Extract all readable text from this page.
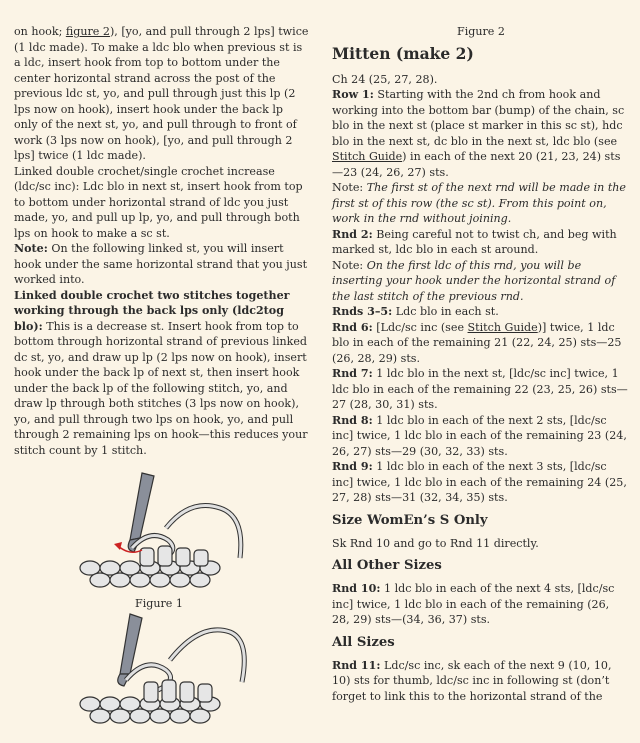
on hook; figure 2), [yo, and pull through 2 lps] twice (1 ldc made). To make a ldc blo when previous st is a ldc, insert hook from top to bottom under the center horizontal strand across the post of the previous ldc st, yo, and pull through just this lp (2 lps now on hook), insert hook under the back lp only of the next st, yo, and pull through to front of work (3 lps now on hook), [yo, and pull through 2 lps] twice (1 ldc made).

Linked double crochet/single crochet increase (ldc/sc inc): Ldc blo in next st, insert hook from top to bottom under horizontal strand of ldc you just made, yo, and pull up lp, yo, and pull through both lps on hook to make a sc st.

Note: On the following linked st, you will insert hook under the same horizontal strand that you just worked into.

Linked double crochet two stitches together working through the back lps only (ldc2tog blo): This is a decrease st. Insert hook from top to bottom through horizontal strand of previous linked dc st, yo, and draw up lp (2 lps now on hook), insert hook under the back lp of next st, then insert hook under the back lp of the following stitch, yo, and draw lp through both stitches (3 lps now on hook), yo, and pull through two lps on hook, yo, and pull through 2 remaining lps on hook—this reduces your stitch count by 1 stitch.

Figure 1

Figure 2

Mitten (make 2)

Ch 24 (25, 27, 28).

Row 1: Starting with the 2nd ch from hook and working into the bottom bar (bump) of the chain, sc blo in the next st (place st marker in this sc st), hdc blo in the next st, dc blo in the next st, ldc blo (see Stitch Guide) in each of the next 20 (21, 23, 24) sts—23 (24, 26, 27) sts.

Note: The first st of the next rnd will be made in the first st of this row (the sc st). From this point on, work in the rnd without joining.

Rnd 2: Being careful not to twist ch, and beg with marked st, ldc blo in each st around.

Note: On the first ldc of this rnd, you will be inserting your hook under the horizontal strand of the last stitch of the previous rnd.

Rnds 3–5: Ldc blo in each st.

Rnd 6: [Ldc/sc inc (see Stitch Guide)] twice, 1 ldc blo in each of the remaining 21 (22, 24, 25) sts—25 (26, 28, 29) sts.

Rnd 7: 1 ldc blo in the next st, [ldc/sc inc] twice, 1 ldc blo in each of the remaining 22 (23, 25, 26) sts—27 (28, 30, 31) sts.

Rnd 8: 1 ldc blo in each of the next 2 sts, [ldc/sc inc] twice, 1 ldc blo in each of the remaining 23 (24, 26, 27) sts—29 (30, 32, 33) sts.

Rnd 9: 1 ldc blo in each of the next 3 sts, [ldc/sc inc] twice, 1 ldc blo in each of the remaining 24 (25, 27, 28) sts—31 (32, 34, 35) sts.

Size WomEn’s S Only

Sk Rnd 10 and go to Rnd 11 directly.

All Other Sizes

Rnd 10: 1 ldc blo in each of the next 4 sts, [ldc/sc inc] twice, 1 ldc blo in each of the remaining (26, 28, 29) sts—(34, 36, 37) sts.

All Sizes

Rnd 11: Ldc/sc inc, sk each of the next 9 (10, 10, 10) sts for thumb, ldc/sc inc in following st (don’t forget to link this to the horizontal strand of the
